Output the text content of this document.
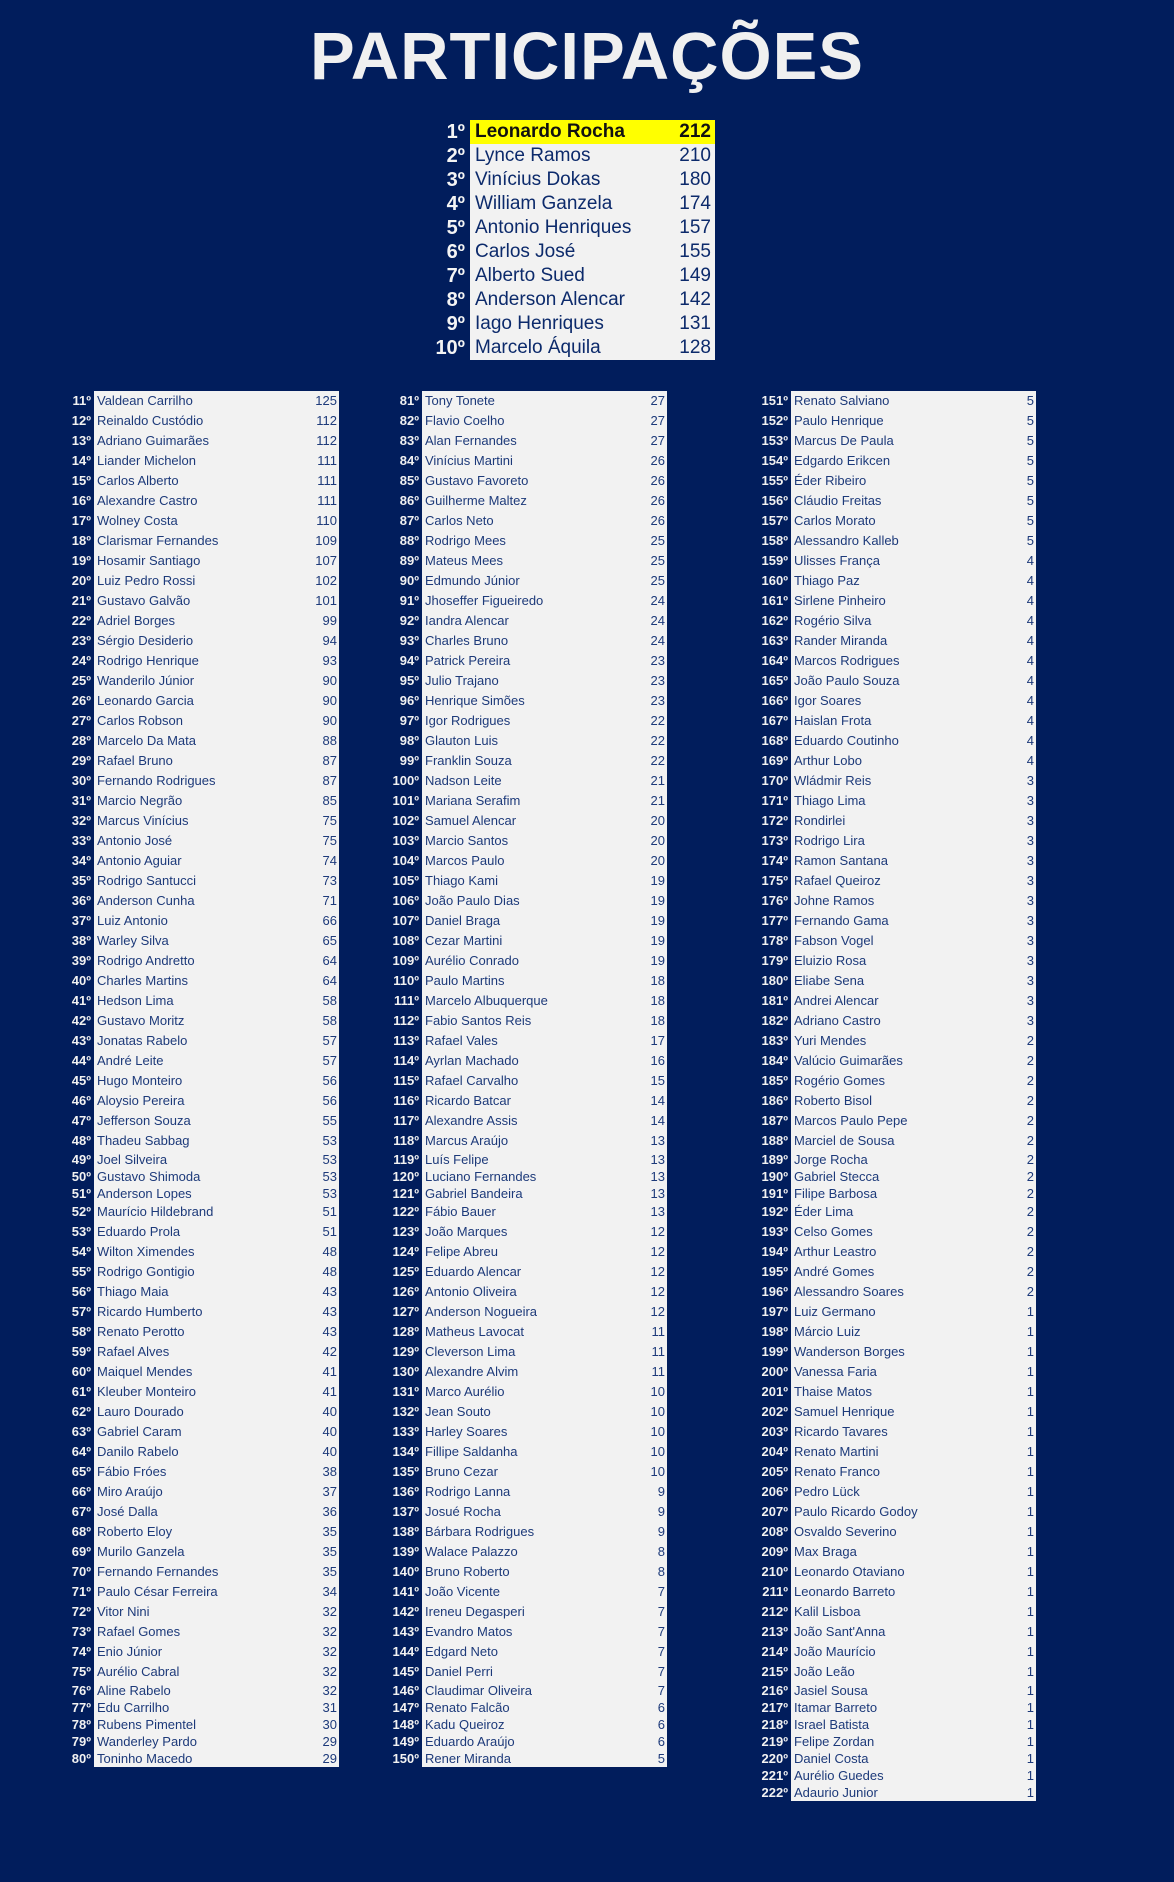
PARTICIPAÇÕES
1º Leonardo Rocha	212
2º Lynce Ramos	210
3º Vinícius Dokas	180
4º William Ganzela	174
5º Antonio Henriques	157
6º Carlos José	155
7º Alberto Sued	149
8º Anderson Alencar	142
9º Iago Henriques	131
10º Marcelo Áquila	128
11º Valdean Carrilho	125
12º Reinaldo Custódio	112
13º Adriano Guimarães	112
14º Liander Michelon	111
15º Carlos Alberto	111
16º Alexandre Castro	111
17º Wolney Costa	110
18º Clarismar Fernandes	109
19º Hosamir Santiago	107
20º Luiz Pedro Rossi	102
21º Gustavo Galvão	101
22º Adriel Borges	99
23º Sérgio Desiderio	94
24º Rodrigo Henrique	93
25º Wanderilo Júnior	90
26º Leonardo Garcia	90
27º Carlos Robson	90
28º Marcelo Da Mata	88
29º Rafael Bruno	87
30º Fernando Rodrigues	87
31º Marcio Negrão	85
32º Marcus Vinícius	75
33º Antonio José	75
34º Antonio Aguiar	74
35º Rodrigo Santucci	73
36º Anderson Cunha	71
37º Luiz Antonio	66
38º Warley Silva	65
39º Rodrigo Andretto	64
40º Charles Martins	64
41º Hedson Lima	58
42º Gustavo Moritz	58
43º Jonatas Rabelo	57
44º André Leite	57
45º Hugo Monteiro	56
46º Aloysio Pereira	56
47º Jefferson Souza	55
48º Thadeu Sabbag	53
49º Joel Silveira	53
50º Gustavo Shimoda	53
51º Anderson Lopes	53
52º Maurício Hildebrand	51
53º Eduardo Prola	51
54º Wilton Ximendes	48
55º Rodrigo Gontigio	48
56º Thiago Maia	43
57º Ricardo Humberto	43
58º Renato Perotto	43
59º Rafael Alves	42
60º Maiquel Mendes	41
61º Kleuber Monteiro	41
62º Lauro Dourado	40
63º Gabriel Caram	40
64º Danilo Rabelo	40
65º Fábio Fróes	38
66º Miro Araújo	37
67º José Dalla	36
68º Roberto Eloy	35
69º Murilo Ganzela	35
70º Fernando Fernandes	35
71º Paulo César Ferreira	34
72º Vitor Nini	32
73º Rafael Gomes	32
74º Enio Júnior	32
75º Aurélio Cabral	32
76º Aline Rabelo	32
77º Edu Carrilho	31
78º Rubens Pimentel	30
79º Wanderley Pardo	29
80º Toninho Macedo	29
81º Tony Tonete	27
82º Flavio Coelho	27
83º Alan Fernandes	27
84º Vinícius Martini	26
85º Gustavo Favoreto	26
86º Guilherme Maltez	26
87º Carlos Neto	26
88º Rodrigo Mees	25
89º Mateus Mees	25
90º Edmundo Júnior	25
91º Jhoseffer Figueiredo	24
92º Iandra Alencar	24
93º Charles Bruno	24
94º Patrick Pereira	23
95º Julio Trajano	23
96º Henrique Simões	23
97º Igor Rodrigues	22
98º Glauton Luis	22
99º Franklin Souza	22
100º Nadson Leite	21
101º Mariana Serafim	21
102º Samuel Alencar	20
103º Marcio Santos	20
104º Marcos Paulo	20
105º Thiago Kami	19
106º João Paulo Dias	19
107º Daniel Braga	19
108º Cezar Martini	19
109º Aurélio Conrado	19
110º Paulo Martins	18
111º Marcelo Albuquerque	18
112º Fabio Santos Reis	18
113º Rafael Vales	17
114º Ayrlan Machado	16
115º Rafael Carvalho	15
116º Ricardo Batcar	14
117º Alexandre Assis	14
118º Marcus Araújo	13
119º Luís Felipe	13
120º Luciano Fernandes	13
121º Gabriel Bandeira	13
122º Fábio Bauer	13
123º João Marques	12
124º Felipe Abreu	12
125º Eduardo Alencar	12
126º Antonio Oliveira	12
127º Anderson Nogueira	12
128º Matheus Lavocat	11
129º Cleverson Lima	11
130º Alexandre Alvim	11
131º Marco Aurélio	10
132º Jean Souto	10
133º Harley Soares	10
134º Fillipe Saldanha	10
135º Bruno Cezar	10
136º Rodrigo Lanna	9
137º Josué Rocha	9
138º Bárbara Rodrigues	9
139º Walace Palazzo	8
140º Bruno Roberto	8
141º João Vicente	7
142º Ireneu Degasperi	7
143º Evandro Matos	7
144º Edgard Neto	7
145º Daniel Perri	7
146º Claudimar Oliveira	7
147º Renato Falcão	6
148º Kadu Queiroz	6
149º Eduardo Araújo	6
150º Rener Miranda	5
151º Renato Salviano	5
152º Paulo Henrique	5
153º Marcus De Paula	5
154º Edgardo Erikcen	5
155º Éder Ribeiro	5
156º Cláudio Freitas	5
157º Carlos Morato	5
158º Alessandro Kalleb	5
159º Ulisses França	4
160º Thiago Paz	4
161º Sirlene Pinheiro	4
162º Rogério Silva	4
163º Rander Miranda	4
164º Marcos Rodrigues	4
165º João Paulo Souza	4
166º Igor Soares	4
167º Haislan Frota	4
168º Eduardo Coutinho	4
169º Arthur Lobo	4
170º Wládmir Reis	3
171º Thiago Lima	3
172º Rondirlei	3
173º Rodrigo Lira	3
174º Ramon Santana	3
175º Rafael Queiroz	3
176º Johne Ramos	3
177º Fernando Gama	3
178º Fabson Vogel	3
179º Eluizio Rosa	3
180º Eliabe Sena	3
181º Andrei Alencar	3
182º Adriano Castro	3
183º Yuri Mendes	2
184º Valúcio Guimarães	2
185º Rogério Gomes	2
186º Roberto Bisol	2
187º Marcos Paulo Pepe	2
188º Marciel de Sousa	2
189º Jorge Rocha	2
190º Gabriel Stecca	2
191º Filipe Barbosa	2
192º Éder Lima	2
193º Celso Gomes	2
194º Arthur Leastro	2
195º André Gomes	2
196º Alessandro Soares	2
197º Luiz Germano	1
198º Márcio Luiz	1
199º Wanderson Borges	1
200º Vanessa Faria	1
201º Thaise Matos	1
202º Samuel Henrique	1
203º Ricardo Tavares	1
204º Renato Martini	1
205º Renato Franco	1
206º Pedro Lück	1
207º Paulo Ricardo Godoy	1
208º Osvaldo Severino	1
209º Max Braga	1
210º Leonardo Otaviano	1
211º Leonardo Barreto	1
212º Kalil Lisboa	1
213º João Sant'Anna	1
214º João Maurício	1
215º João Leão	1
216º Jasiel Sousa	1
217º Itamar Barreto	1
218º Israel Batista	1
219º Felipe Zordan	1
220º Daniel Costa	1
221º Aurélio Guedes	1
222º Adaurio Junior	1
